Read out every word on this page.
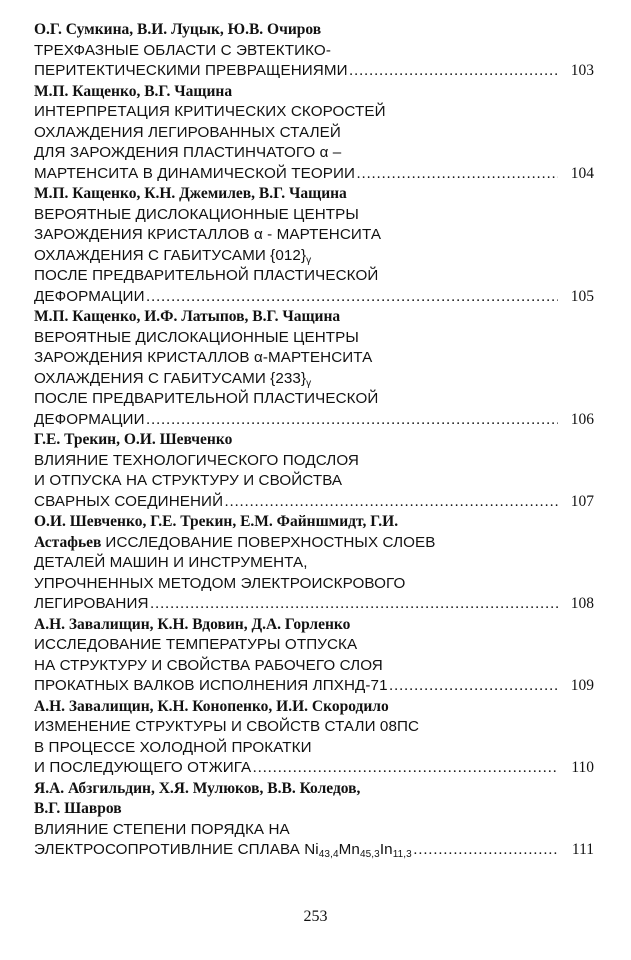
О.Г. Сумкина, В.И. Луцык, Ю.В. Очиров
ТРЕХФАЗНЫЕ ОБЛАСТИ С ЭВТЕКТИКО-
ПЕРИТЕКТИЧЕСКИМИ ПРЕВРАЩЕНИЯМИ ……………………………………………………………………………………………………………………………	103
М.П. Кащенко, В.Г. Чащина
ИНТЕРПРЕТАЦИЯ КРИТИЧЕСКИХ СКОРОСТЕЙ
ОХЛАЖДЕНИЯ ЛЕГИРОВАННЫХ СТАЛЕЙ
ДЛЯ ЗАРОЖДЕНИЯ ПЛАСТИНЧАТОГО α –
МАРТЕНСИТА В ДИНАМИЧЕСКОЙ ТЕОРИИ ……………………………………………………………………………………………………………………………	104
М.П. Кащенко, К.Н. Джемилев, В.Г. Чащина
ВЕРОЯТНЫЕ ДИСЛОКАЦИОННЫЕ ЦЕНТРЫ
ЗАРОЖДЕНИЯ КРИСТАЛЛОВ α - МАРТЕНСИТА
ОХЛАЖДЕНИЯ С ГАБИТУСАМИ $\{012\}_\gamma$
ПОСЛЕ ПРЕДВАРИТЕЛЬНОЙ ПЛАСТИЧЕСКОЙ
ДЕФОРМАЦИИ ……………………………………………………………………………………………………………………………	105
М.П. Кащенко, И.Ф. Латыпов, В.Г. Чащина
ВЕРОЯТНЫЕ ДИСЛОКАЦИОННЫЕ ЦЕНТРЫ
ЗАРОЖДЕНИЯ КРИСТАЛЛОВ α-МАРТЕНСИТА
ОХЛАЖДЕНИЯ С ГАБИТУСАМИ $\{233\}_\gamma$
ПОСЛЕ ПРЕДВАРИТЕЛЬНОЙ ПЛАСТИЧЕСКОЙ
ДЕФОРМАЦИИ ……………………………………………………………………………………………………………………………	106
Г.Е. Трекин, О.И. Шевченко
ВЛИЯНИЕ ТЕХНОЛОГИЧЕСКОГО ПОДСЛОЯ
И ОТПУСКА НА СТРУКТУРУ И СВОЙСТВА
СВАРНЫХ СОЕДИНЕНИЙ ……………………………………………………………………………………………………………………………	107
О.И. Шевченко, Г.Е. Трекин, Е.М. Файншмидт, Г.И.
Астафьев ИССЛЕДОВАНИЕ ПОВЕРХНОСТНЫХ СЛОЕВ
ДЕТАЛЕЙ МАШИН И ИНСТРУМЕНТА,
УПРОЧНЕННЫХ МЕТОДОМ ЭЛЕКТРОИСКРОВОГО
ЛЕГИРОВАНИЯ ……………………………………………………………………………………………………………………………	108
А.Н. Завалищин, К.Н. Вдовин, Д.А. Горленко
ИССЛЕДОВАНИЕ ТЕМПЕРАТУРЫ ОТПУСКА
НА СТРУКТУРУ И СВОЙСТВА РАБОЧЕГО СЛОЯ
ПРОКАТНЫХ ВАЛКОВ ИСПОЛНЕНИЯ ЛПХНД-71 ……………………………………………………………………………………………………………………………	109
А.Н. Завалищин, К.Н. Конопенко, И.И. Скородило
ИЗМЕНЕНИЕ СТРУКТУРЫ И СВОЙСТВ СТАЛИ 08ПС
В ПРОЦЕССЕ ХОЛОДНОЙ ПРОКАТКИ
И ПОСЛЕДУЮЩЕГО ОТЖИГА ……………………………………………………………………………………………………………………………	110
Я.А. Абзгильдин, Х.Я. Мулюков, В.В. Коледов,
В.Г. Шавров
ВЛИЯНИЕ СТЕПЕНИ ПОРЯДКА НА
ЭЛЕКТРОСОПРОТИВЛНИЕ СПЛАВА $Ni_{43,4}Mn_{45,3}In_{11,3}$ ……………………………………………………………………………………………………………………………	111
253
